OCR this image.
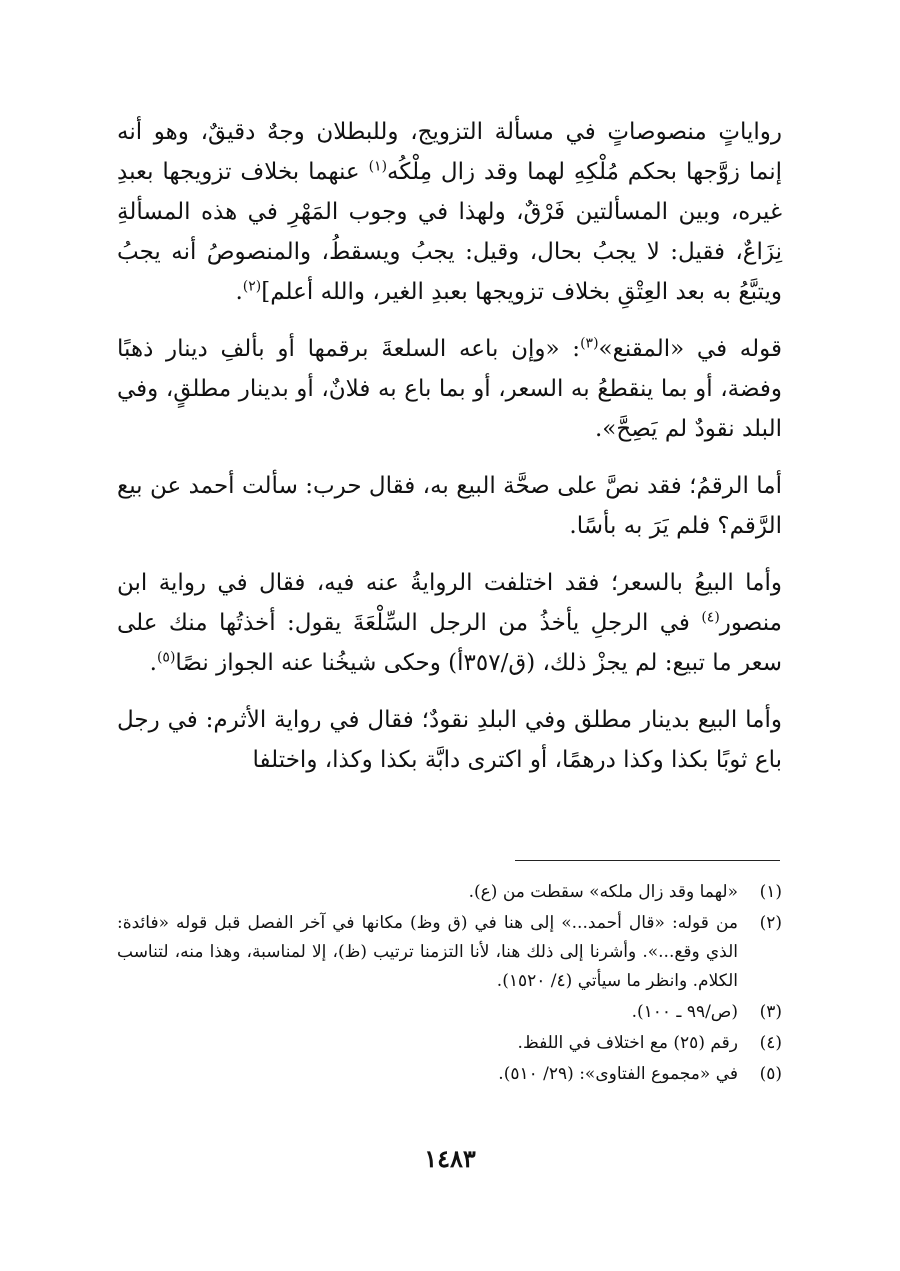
رواياتٍ منصوصاتٍ في مسألة التزويج، وللبطلان وجهٌ دقيقٌ، وهو أنه إنما زوَّجها بحكم مُلْكِهِ لهما وقد زال مِلْكُه$^{(١)}$ عنهما بخلاف تزويجها بعبدِ غيره، وبين المسألتين فَرْقٌ، ولهذا في وجوب المَهْرِ في هذه المسألةِ نِزَاعٌ، فقيل: لا يجبُ بحال، وقيل: يجبُ ويسقطُ، والمنصوصُ أنه يجبُ ويتبَّعُ به بعد العِتْقِ بخلاف تزويجها بعبدِ الغير، والله أعلم]$^{(٢)}$.

قوله في «المقنع»$^{(٣)}$: «وإن باعه السلعةَ برقمها أو بألفِ دينار ذهبًا وفضة، أو بما ينقطعُ به السعر، أو بما باع به فلانٌ، أو بدينار مطلقٍ، وفي البلد نقودٌ لم يَصِحَّ».

أما الرقمُ؛ فقد نصَّ على صحَّة البيع به، فقال حرب: سألت أحمد عن بيع الرَّقم؟ فلم يَرَ به بأسًا.

وأما البيعُ بالسعر؛ فقد اختلفت الروايةُ عنه فيه، فقال في رواية ابن منصور$^{(٤)}$ في الرجلِ يأخذُ من الرجل السِّلْعَةَ يقول: أخذتُها منك على سعر ما تبيع: لم يجزْ ذلك، (ق/٣٥٧أ) وحكى شيخُنا عنه الجواز نصًا$^{(٥)}$.

وأما البيع بدينار مطلق وفي البلدِ نقودٌ؛ فقال في رواية الأثرم: في رجل باع ثوبًا بكذا وكذا درهمًا، أو اكترى دابَّة بكذا وكذا، واختلفا

(١)
«لهما وقد زال ملكه» سقطت من (ع).
(٢)
من قوله: «قال أحمد...» إلى هنا في (ق وظ) مكانها في آخر الفصل قبل قوله «فائدة: الذي وقع...». وأشرنا إلى ذلك هنا، لأنا التزمنا ترتيب (ظ)، إلا لمناسبة، وهذا منه، لتناسب الكلام. وانظر ما سيأتي (٤/ ١٥٢٠).
(٣)
(ص/٩٩ ـ ١٠٠).
(٤)
رقم (٢٥) مع اختلاف في اللفظ.
(٥)
في «مجموع الفتاوى»: (٢٩/ ٥١٠).
١٤٨٣
